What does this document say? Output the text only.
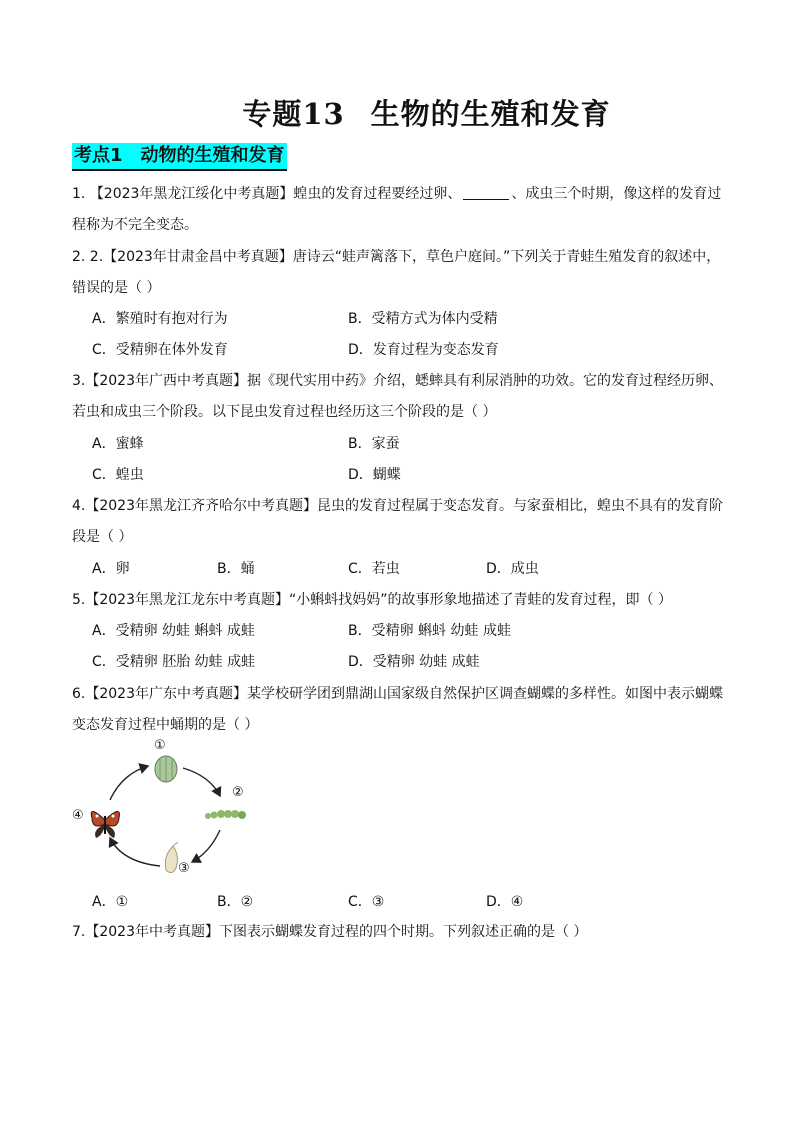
专题13 生物的生殖和发育
考点1 动物的生殖和发育
1. 【2023年黑龙江绥化中考真题】蝗虫的发育过程要经过卵、	、成虫三个时期，像这样的发育过
程称为不完全变态。
2. 2.【2023年甘肃金昌中考真题】唐诗云“蛙声篱落下，草色户庭间。”下列关于青蛙生殖发育的叙述中，
错误的是（ ）
A．繁殖时有抱对行为	B．受精方式为体内受精
C．受精卵在体外发育	D．发育过程为变态发育
3.【2023年广西中考真题】据《现代实用中药》介绍，蟋蟀具有利尿消肿的功效。它的发育过程经历卵、
若虫和成虫三个阶段。以下昆虫发育过程也经历这三个阶段的是（ ）
A．蜜蜂	B．家蚕
C．蝗虫	D．蝴蝶
4.【2023年黑龙江齐齐哈尔中考真题】昆虫的发育过程属于变态发育。与家蚕相比，蝗虫不具有的发育阶
段是（ ）
A．卵	B．蛹	C．若虫	D．成虫
5.【2023年黑龙江龙东中考真题】“小蝌蚪找妈妈”的故事形象地描述了青蛙的发育过程，即（ ）
A．受精卵 幼蛙 蝌蚪 成蛙	B．受精卵 蝌蚪 幼蛙 成蛙
C．受精卵 胚胎 幼蛙 成蛙	D．受精卵 幼蛙 成蛙
6.【2023年广东中考真题】某学校研学团到鼎湖山国家级自然保护区调查蝴蝶的多样性。如图中表示蝴蝶
变态发育过程中蛹期的是（ ）
①
②
③
④
A．①	B．②	C．③	D．④
7.【2023年中考真题】下图表示蝴蝶发育过程的四个时期。下列叙述正确的是（ ）
